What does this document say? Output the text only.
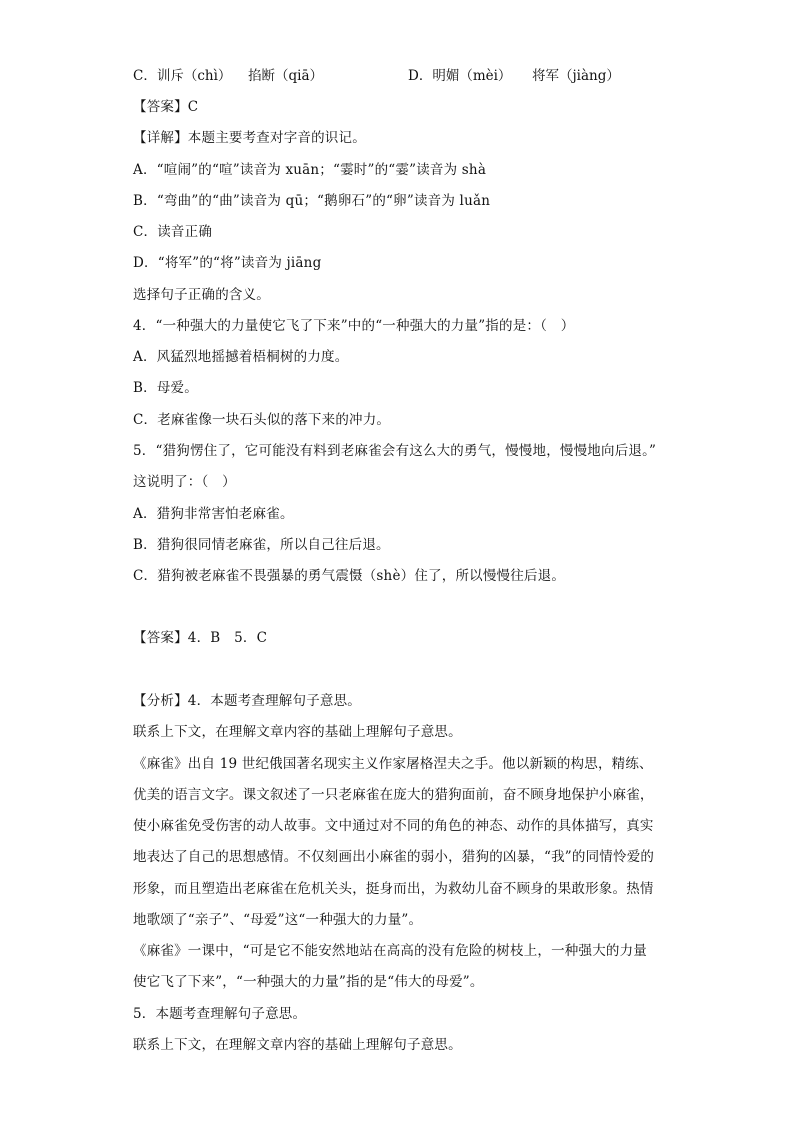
C．训斥（chì） 掐断（qiā）	D．明媚（mèi） 将军（jiàng）
【答案】C
【详解】本题主要考查对字音的识记。
A．“喧闹”的“喧”读音为 xuān；“霎时”的“霎”读音为 shà
B．“弯曲”的“曲”读音为 qū；“鹅卵石”的“卵”读音为 luǎn
C．读音正确
D．“将军”的“将”读音为 jiāng
选择句子正确的含义。
4．“一种强大的力量使它飞了下来”中的“一种强大的力量”指的是：（　）
A．风猛烈地摇撼着梧桐树的力度。
B．母爱。
C．老麻雀像一块石头似的落下来的冲力。
5．“猎狗愣住了，它可能没有料到老麻雀会有这么大的勇气，慢慢地，慢慢地向后退。”
这说明了：（　）
A．猎狗非常害怕老麻雀。
B．猎狗很同情老麻雀，所以自己往后退。
C．猎狗被老麻雀不畏强暴的勇气震慑（shè）住了，所以慢慢往后退。
【答案】4．B　5．C
【分析】4．本题考查理解句子意思。
联系上下文，在理解文章内容的基础上理解句子意思。
《麻雀》出自 19 世纪俄国著名现实主义作家屠格涅夫之手。他以新颖的构思，精练、
优美的语言文字。课文叙述了一只老麻雀在庞大的猎狗面前，奋不顾身地保护小麻雀，
使小麻雀免受伤害的动人故事。文中通过对不同的角色的神态、动作的具体描写，真实
地表达了自己的思想感情。不仅刻画出小麻雀的弱小，猎狗的凶暴，“我”的同情怜爱的
形象，而且塑造出老麻雀在危机关头，挺身而出，为救幼儿奋不顾身的果敢形象。热情
地歌颂了“亲子”、“母爱”这“一种强大的力量”。
《麻雀》一课中，“可是它不能安然地站在高高的没有危险的树枝上，一种强大的力量
使它飞了下来”，“一种强大的力量”指的是“伟大的母爱”。
5．本题考查理解句子意思。
联系上下文，在理解文章内容的基础上理解句子意思。
